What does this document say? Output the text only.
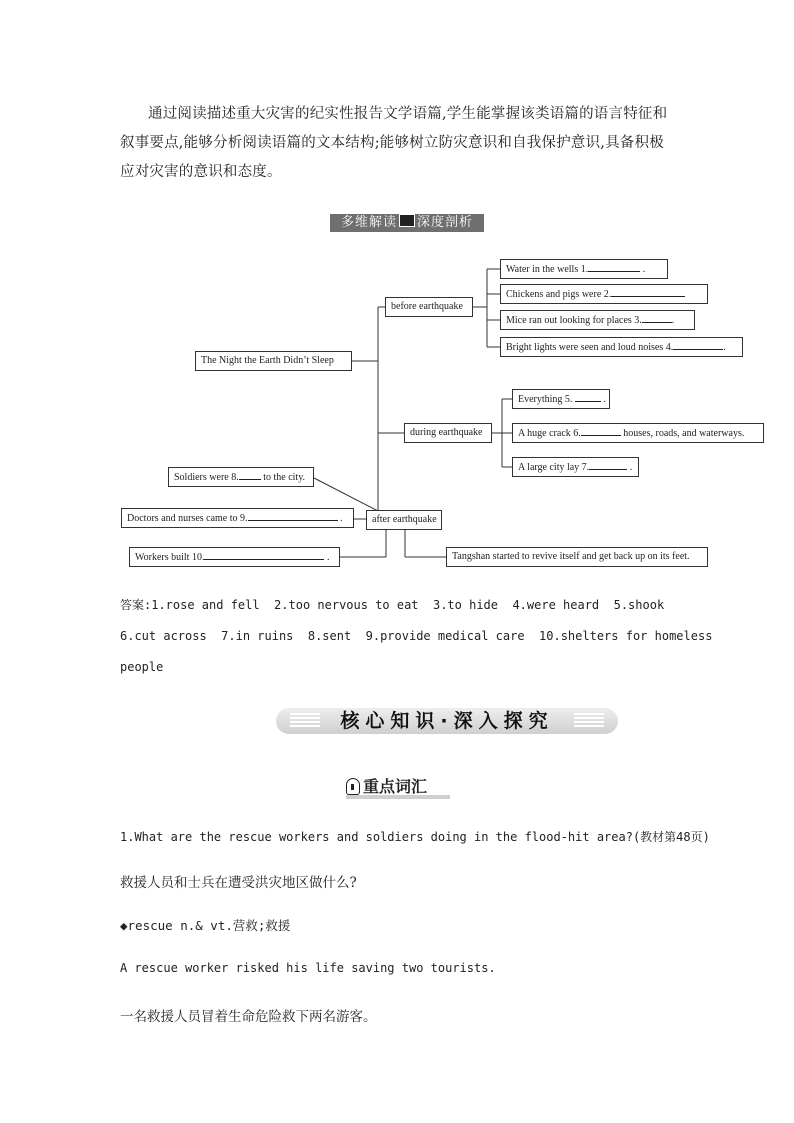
通过阅读描述重大灾害的纪实性报告文学语篇,学生能掌握该类语篇的语言特征和叙事要点,能够分析阅读语篇的文本结构;能够树立防灾意识和自我保护意识,具备积极应对灾害的意识和态度。
多维解读 深度剖析
The Night the Earth Didn’t Sleep
before earthquake
during earthquake
after earthquake
Water in the wells 1.	.
Chickens and pigs were 2.
Mice ran out looking for places 3.	.
Bright lights were seen and loud noises 4.	.
Everything 5.	.
A huge crack 6.	houses, roads, and waterways.
A large city lay 7.	.
Soldiers were 8. to the city.
Doctors and nurses came to 9.	.
Workers built 10.	.	Tangshan started to revive itself and get back up on its feet.
答案:1.rose and fell  2.too nervous to eat  3.to hide  4.were heard  5.shook
6.cut across  7.in ruins  8.sent  9.provide medical care  10.shelters for homeless
people
核心知识·深入探究
重点词汇
1.What are the rescue workers and soldiers doing in the flood-hit area?(教材第48页)
救援人员和士兵在遭受洪灾地区做什么?
◆rescue n.& vt.营救;救援
A rescue worker risked his life saving two tourists.
一名救援人员冒着生命危险救下两名游客。
